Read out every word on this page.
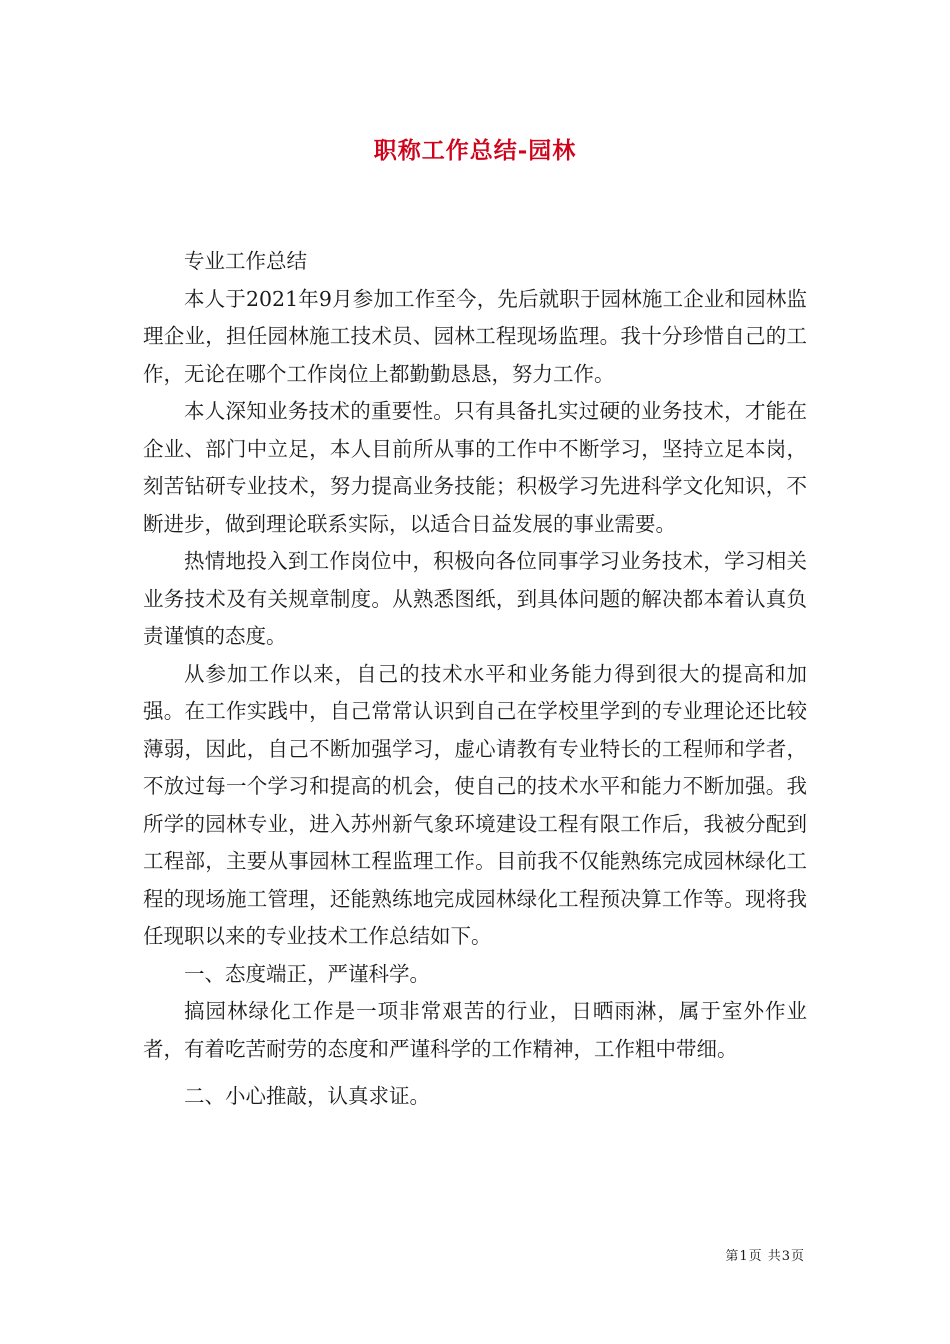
职称工作总结-园林

专业工作总结

本人于2021年9月参加工作至今，先后就职于园林施工企业和园林监理企业，担任园林施工技术员、园林工程现场监理。我十分珍惜自己的工作，无论在哪个工作岗位上都勤勤恳恳，努力工作。

本人深知业务技术的重要性。只有具备扎实过硬的业务技术，才能在企业、部门中立足，本人目前所从事的工作中不断学习，坚持立足本岗，刻苦钻研专业技术，努力提高业务技能；积极学习先进科学文化知识，不断进步，做到理论联系实际，以适合日益发展的事业需要。

热情地投入到工作岗位中，积极向各位同事学习业务技术，学习相关业务技术及有关规章制度。从熟悉图纸，到具体问题的解决都本着认真负责谨慎的态度。

从参加工作以来，自己的技术水平和业务能力得到很大的提高和加强。在工作实践中，自己常常认识到自己在学校里学到的专业理论还比较薄弱，因此，自己不断加强学习，虚心请教有专业特长的工程师和学者，不放过每一个学习和提高的机会，使自己的技术水平和能力不断加强。我所学的园林专业，进入苏州新气象环境建设工程有限工作后，我被分配到工程部，主要从事园林工程监理工作。目前我不仅能熟练完成园林绿化工程的现场施工管理，还能熟练地完成园林绿化工程预决算工作等。现将我任现职以来的专业技术工作总结如下。

一、态度端正，严谨科学。

搞园林绿化工作是一项非常艰苦的行业，日晒雨淋，属于室外作业者，有着吃苦耐劳的态度和严谨科学的工作精神，工作粗中带细。

二、小心推敲，认真求证。

第1页 共3页
